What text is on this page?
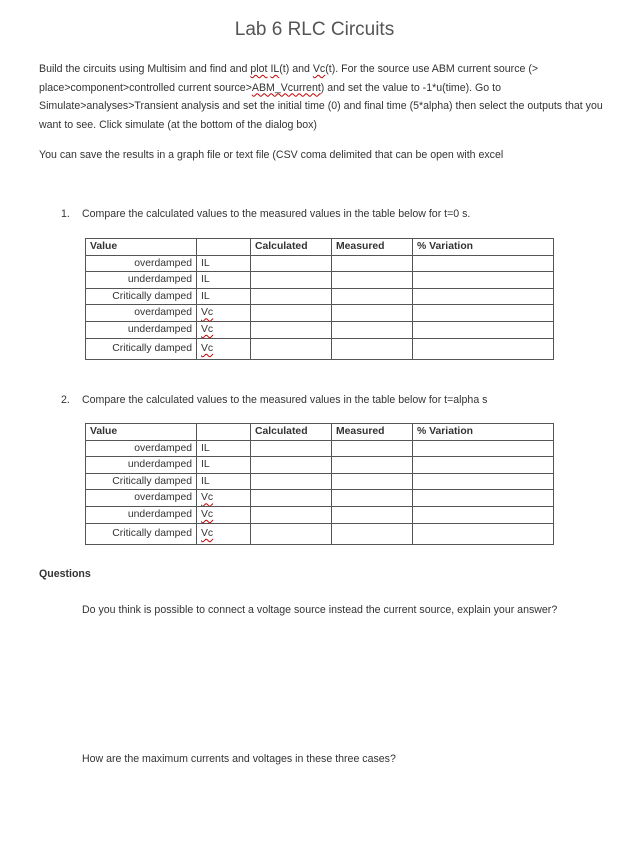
Lab 6 RLC Circuits
Build the circuits using Multisim and find and plot IL(t) and Vc(t). For the source use ABM current source (> place>component>controlled current source>ABM_Vcurrent) and set the value to -1*u(time). Go to Simulate>analyses>Transient analysis and set the initial time (0) and final time (5*alpha) then select the outputs that you want to see. Click simulate (at the bottom of the dialog box)
You can save the results in a graph file or text file (CSV coma delimited that can be open with excel
1. Compare the calculated values to the measured values in the table below for t=0 s.
Value		Calculated	Measured	% Variation
overdamped	IL			
underdamped	IL			
Critically damped	IL			
overdamped	Vc			
underdamped	Vc			
Critically damped	Vc			
2. Compare the calculated values to the measured values in the table below for t=alpha s
Value		Calculated	Measured	% Variation
overdamped	IL			
underdamped	IL			
Critically damped	IL			
overdamped	Vc			
underdamped	Vc			
Critically damped	Vc			
Questions
Do you think is possible to connect a voltage source instead the current source, explain your answer?
How are the maximum currents and voltages in these three cases?
